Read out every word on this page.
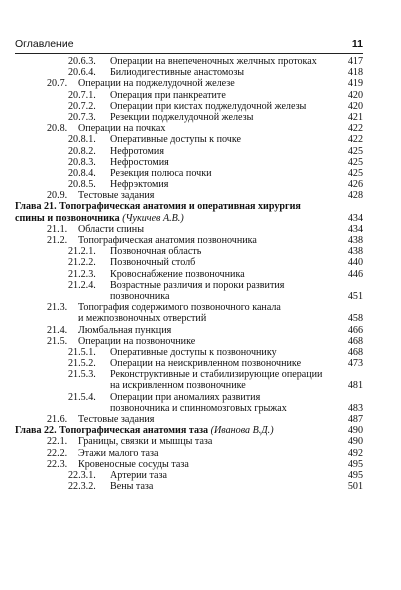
Оглавление	11
20.6.3. Операции на внепеченочных желчных протоках	417
20.6.4. Билиодигестивные анастомозы	418
20.7. Операции на поджелудочной железе	419
20.7.1. Операция при панкреатите	420
20.7.2. Операции при кистах поджелудочной железы	420
20.7.3. Резекции поджелудочной железы	421
20.8. Операции на почках	422
20.8.1. Оперативные доступы к почке	422
20.8.2. Нефротомия	425
20.8.3. Нефростомия	425
20.8.4. Резекция полюса почки	425
20.8.5. Нефрэктомия	426
20.9. Тестовые задания	428
Глава 21. Топографическая анатомия и оперативная хирургия
спины и позвоночника (Чукичев А.В.)	434
21.1. Области спины	434
21.2. Топографическая анатомия позвоночника	438
21.2.1. Позвоночная область	438
21.2.2. Позвоночный столб	440
21.2.3. Кровоснабжение позвоночника	446
21.2.4. Возрастные различия и пороки развития
позвоночника	451
21.3. Топография содержимого позвоночного канала
и межпозвоночных отверстий	458
21.4. Люмбальная пункция	466
21.5. Операции на позвоночнике	468
21.5.1. Оперативные доступы к позвоночнику	468
21.5.2. Операции на неискривленном позвоночнике	473
21.5.3. Реконструктивные и стабилизирующие операции
на искривленном позвоночнике	481
21.5.4. Операции при аномалиях развития
позвоночника и спинномозговых грыжах	483
21.6. Тестовые задания	487
Глава 22. Топографическая анатомия таза (Иванова В.Д.)	490
22.1. Границы, связки и мышцы таза	490
22.2. Этажи малого таза	492
22.3. Кровеносные сосуды таза	495
22.3.1. Артерии таза	495
22.3.2. Вены таза	501
